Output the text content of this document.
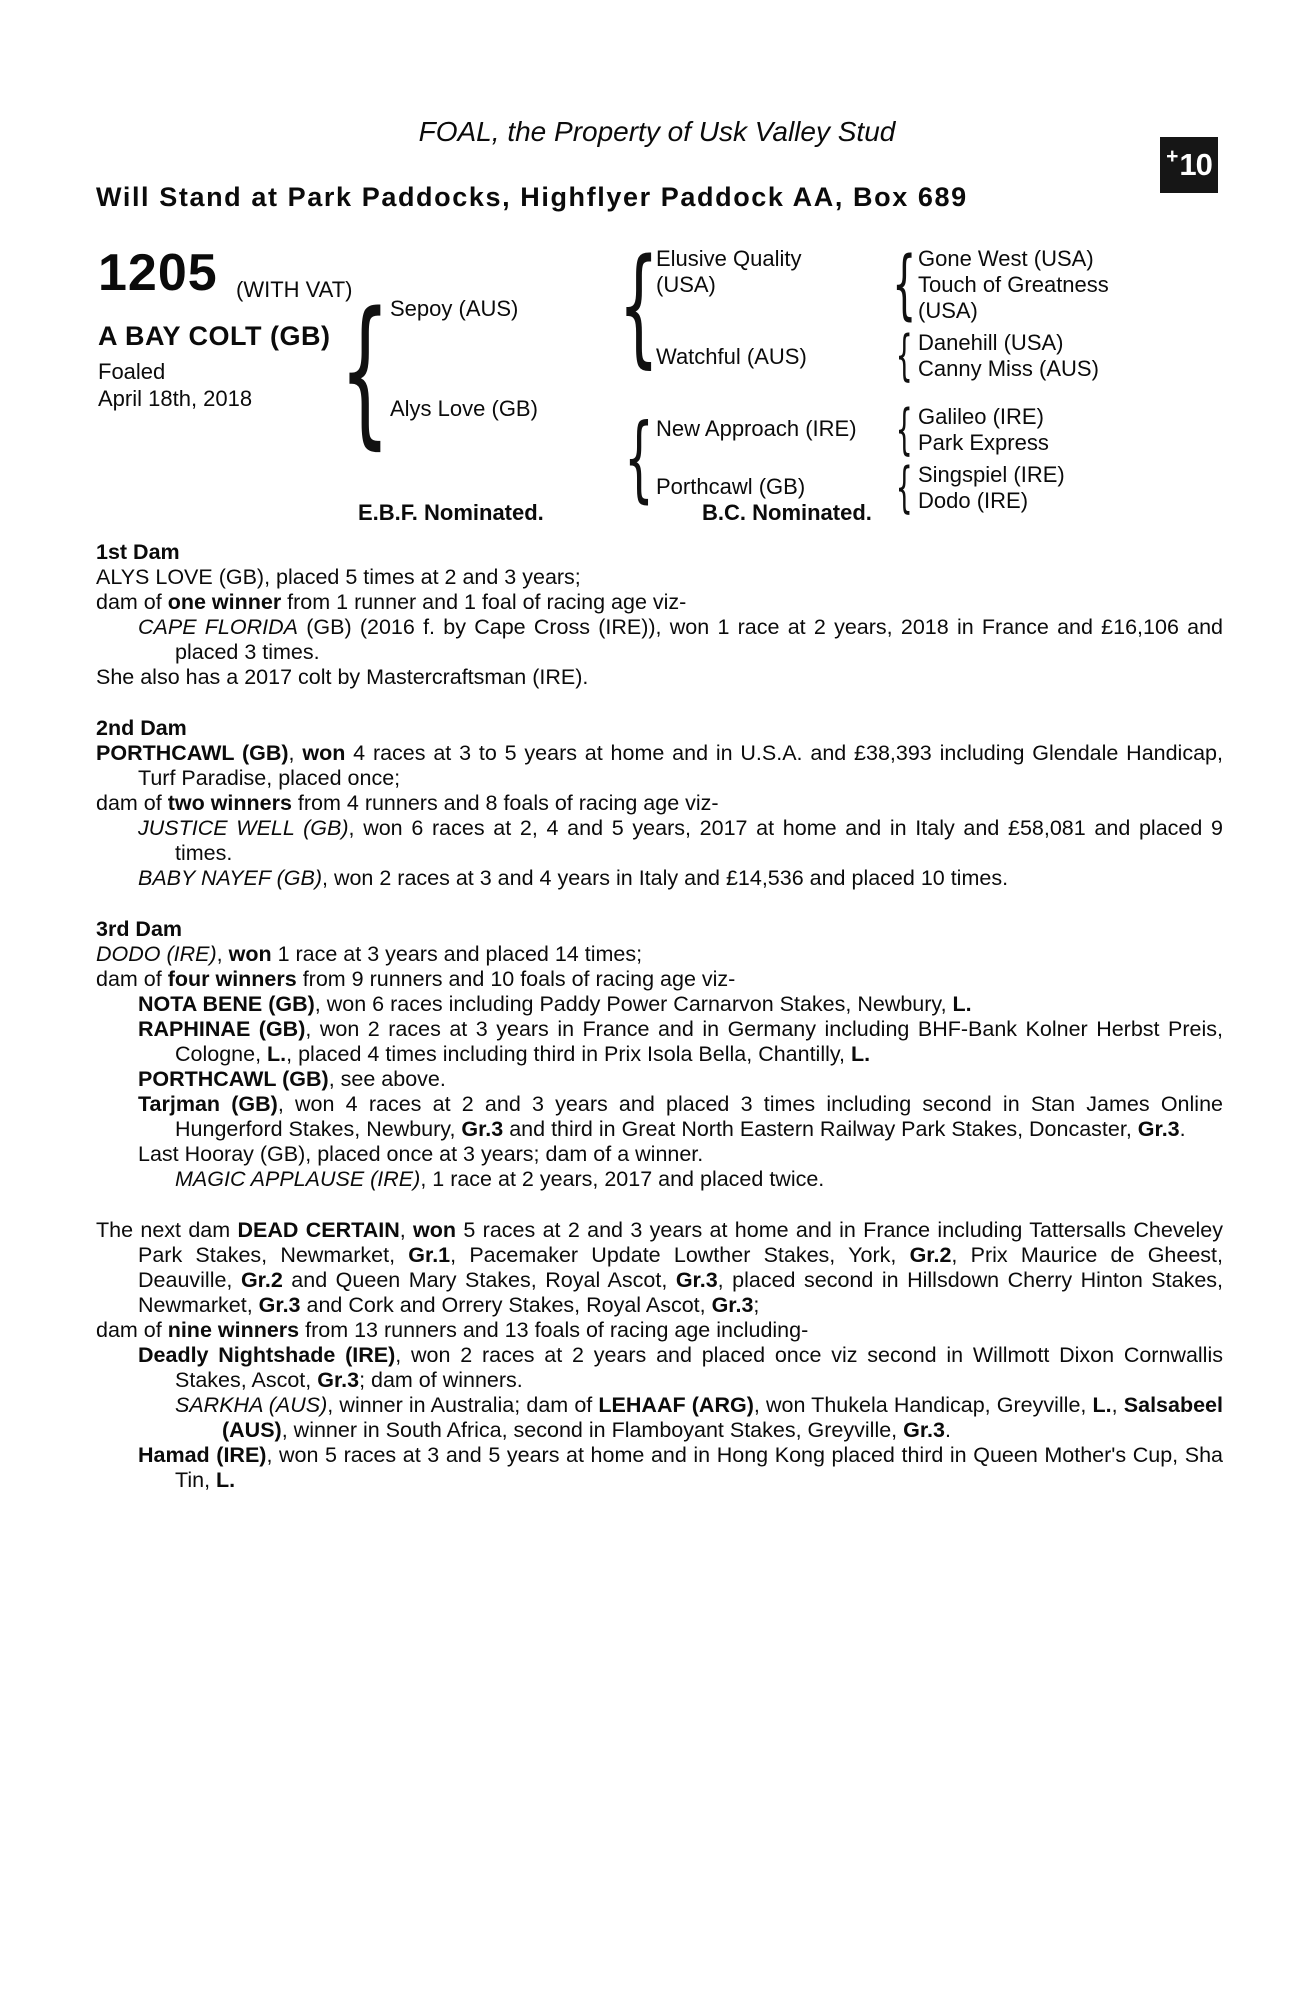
FOAL, the Property of Usk Valley Stud
Will Stand at Park Paddocks, Highflyer Paddock AA, Box 689
+ 10
1205 (WITH VAT)
A BAY COLT (GB)
Foaled
April 18th, 2018 { {
{
{
{
{
{
Sepoy (AUS)
Alys Love (GB)
Elusive Quality
(USA)
Watchful (AUS)
New Approach (IRE)
Porthcawl (GB)
Gone West (USA)
Touch of Greatness
(USA)
Danehill (USA)
Canny Miss (AUS)
Galileo (IRE)
Park Express
Singspiel (IRE)
Dodo (IRE)
E.B.F. Nominated.	B.C. Nominated.
1st Dam
ALYS LOVE (GB), placed 5 times at 2 and 3 years;
dam of one winner from 1 runner and 1 foal of racing age viz-
CAPE FLORIDA (GB) (2016 f. by Cape Cross (IRE)), won 1 race at 2 years, 2018 in France and £16,106 and placed 3 times.
She also has a 2017 colt by Mastercraftsman (IRE).
2nd Dam
PORTHCAWL (GB), won 4 races at 3 to 5 years at home and in U.S.A. and £38,393 including Glendale Handicap, Turf Paradise, placed once;
dam of two winners from 4 runners and 8 foals of racing age viz-
JUSTICE WELL (GB), won 6 races at 2, 4 and 5 years, 2017 at home and in Italy and £58,081 and placed 9 times.
BABY NAYEF (GB), won 2 races at 3 and 4 years in Italy and £14,536 and placed 10 times.
3rd Dam
DODO (IRE), won 1 race at 3 years and placed 14 times;
dam of four winners from 9 runners and 10 foals of racing age viz-
NOTA BENE (GB), won 6 races including Paddy Power Carnarvon Stakes, Newbury, L.
RAPHINAE (GB), won 2 races at 3 years in France and in Germany including BHF-Bank Kolner Herbst Preis, Cologne, L., placed 4 times including third in Prix Isola Bella, Chantilly, L.
PORTHCAWL (GB), see above.
Tarjman (GB), won 4 races at 2 and 3 years and placed 3 times including second in Stan James Online Hungerford Stakes, Newbury, Gr.3 and third in Great North Eastern Railway Park Stakes, Doncaster, Gr.3.
Last Hooray (GB), placed once at 3 years; dam of a winner.
MAGIC APPLAUSE (IRE), 1 race at 2 years, 2017 and placed twice.
The next dam DEAD CERTAIN, won 5 races at 2 and 3 years at home and in France including Tattersalls Cheveley Park Stakes, Newmarket, Gr.1, Pacemaker Update Lowther Stakes, York, Gr.2, Prix Maurice de Gheest, Deauville, Gr.2 and Queen Mary Stakes, Royal Ascot, Gr.3, placed second in Hillsdown Cherry Hinton Stakes, Newmarket, Gr.3 and Cork and Orrery Stakes, Royal Ascot, Gr.3;
dam of nine winners from 13 runners and 13 foals of racing age including-
Deadly Nightshade (IRE), won 2 races at 2 years and placed once viz second in Willmott Dixon Cornwallis Stakes, Ascot, Gr.3; dam of winners.
SARKHA (AUS), winner in Australia; dam of LEHAAF (ARG), won Thukela Handicap, Greyville, L., Salsabeel (AUS), winner in South Africa, second in Flamboyant Stakes, Greyville, Gr.3.
Hamad (IRE), won 5 races at 3 and 5 years at home and in Hong Kong placed third in Queen Mother's Cup, Sha Tin, L.
